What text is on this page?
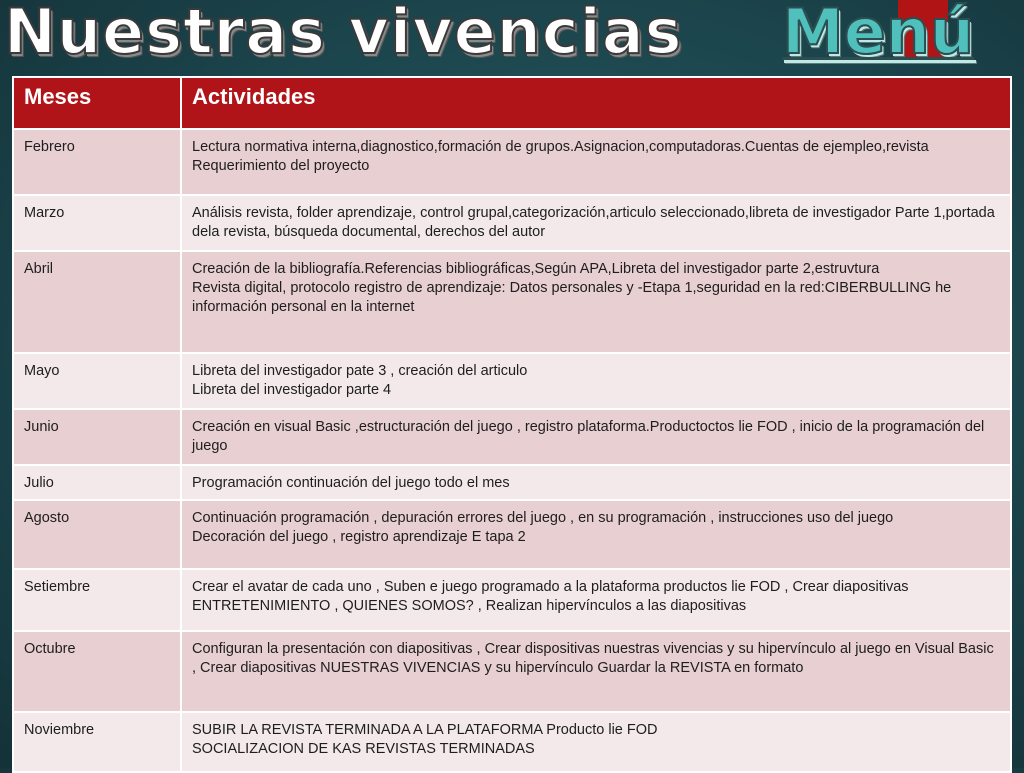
Nuestras vivencias Menú
Meses	Actividades
Febrero	Lectura normativa interna,diagnostico,formación de grupos.Asignacion,computadoras.Cuentas de ejempleo,revista Requerimiento del proyecto

Marzo	Análisis revista, folder aprendizaje, control grupal,categorización,articulo seleccionado,libreta de investigador Parte 1,portada dela revista, búsqueda documental, derechos del autor

Abril	Creación de la bibliografía.Referencias bibliográficas,Según APA,Libreta del investigador parte 2,estruvtura
Revista digital, protocolo registro de aprendizaje: Datos personales y -Etapa 1,seguridad en la red:CIBERBULLING he información personal en la internet

Mayo	Libreta del investigador pate 3 , creación del articulo
Libreta del investigador parte 4

Junio	Creación en visual Basic ,estructuración del juego , registro plataforma.Productoctos lie FOD , inicio de la programación del juego

Julio	Programación continuación del juego todo el mes

Agosto	Continuación programación , depuración errores del juego , en su programación , instrucciones uso del juego
Decoración del juego , registro aprendizaje E tapa 2

Setiembre	Crear el avatar de cada uno , Suben e juego programado a la plataforma productos lie FOD , Crear diapositivas ENTRETENIMIENTO , QUIENES SOMOS? , Realizan hipervínculos a las diapositivas

Octubre	Configuran la presentación con diapositivas , Crear dispositivas nuestras vivencias y su hipervínculo al juego en Visual Basic , Crear diapositivas NUESTRAS VIVENCIAS y su hipervínculo Guardar la REVISTA en formato

Noviembre	SUBIR LA REVISTA TERMINADA A LA PLATAFORMA Producto lie FOD
SOCIALIZACION DE KAS REVISTAS TERMINADAS
